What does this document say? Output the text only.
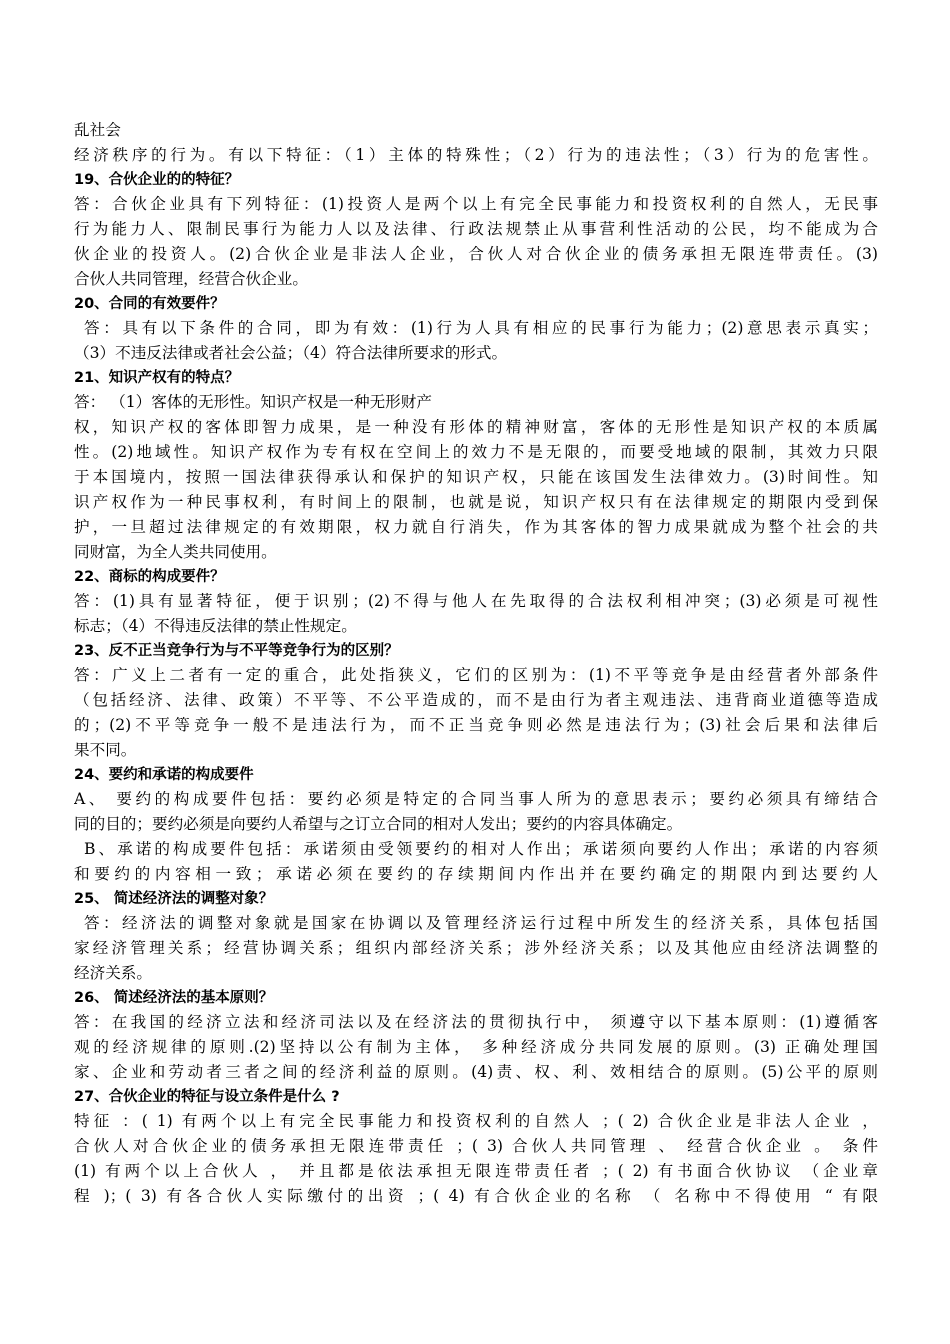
乱社会
经济秩序的行为。有以下特征：（1）主体的特殊性；（2）行为的违法性；（3）行为的危害性。
19、合伙企业的的特征？
答：合伙企业具有下列特征：(1)投资人是两个以上有完全民事能力和投资权利的自然人，无民事
行为能力人、限制民事行为能力人以及法律、行政法规禁止从事营利性活动的公民，均不能成为合
伙企业的投资人。(2)合伙企业是非法人企业，合伙人对合伙企业的债务承担无限连带责任。(3)
合伙人共同管理，经营合伙企业。
20、合同的有效要件？
答：具有以下条件的合同，即为有效：(1)行为人具有相应的民事行为能力；(2)意思表示真实；
（3）不违反法律或者社会公益；（4）符合法律所要求的形式。
21、知识产权有的特点？
答： （1）客体的无形性。知识产权是一种无形财产
权，知识产权的客体即智力成果，是一种没有形体的精神财富，客体的无形性是知识产权的本质属
性。(2)地域性。知识产权作为专有权在空间上的效力不是无限的，而要受地域的限制，其效力只限
于本国境内，按照一国法律获得承认和保护的知识产权，只能在该国发生法律效力。(3)时间性。知
识产权作为一种民事权利，有时间上的限制，也就是说，知识产权只有在法律规定的期限内受到保
护，一旦超过法律规定的有效期限，权力就自行消失，作为其客体的智力成果就成为整个社会的共
同财富，为全人类共同使用。
22、商标的构成要件？
答：(1)具有显著特征，便于识别；(2)不得与他人在先取得的合法权利相冲突；(3)必须是可视性
标志；（4）不得违反法律的禁止性规定。
23、反不正当竞争行为与不平等竞争行为的区别？
答：广义上二者有一定的重合，此处指狭义，它们的区别为：(1)不平等竞争是由经营者外部条件
（包括经济、法律、政策）不平等、不公平造成的，而不是由行为者主观违法、违背商业道德等造成
的；(2)不平等竞争一般不是违法行为，而不正当竞争则必然是违法行为；(3)社会后果和法律后
果不同。
24、要约和承诺的构成要件
A、 要约的构成要件包括：要约必须是特定的合同当事人所为的意思表示；要约必须具有缔结合
同的目的；要约必须是向要约人希望与之订立合同的相对人发出；要约的内容具体确定。
B、承诺的构成要件包括：承诺须由受领要约的相对人作出；承诺须向要约人作出；承诺的内容须
和要约的内容相一致；承诺必须在要约的存续期间内作出并在要约确定的期限内到达要约人
25、 简述经济法的调整对象？
答：经济法的调整对象就是国家在协调以及管理经济运行过程中所发生的经济关系，具体包括国
家经济管理关系；经营协调关系；组织内部经济关系；涉外经济关系；以及其他应由经济法调整的
经济关系。
26、 简述经济法的基本原则？
答：在我国的经济立法和经济司法以及在经济法的贯彻执行中， 须遵守以下基本原则：(1)遵循客
观的经济规律的原则.(2)坚持以公有制为主体， 多种经济成分共同发展的原则。(3) 正确处理国
家、企业和劳动者三者之间的经济利益的原则。(4)责、权、利、效相结合的原则。(5)公平的原则
27、合伙企业的特征与设立条件是什么 ?
特征 ：( 1) 有两个以上有完全民事能力和投资权利的自然人 ；( 2) 合伙企业是非法人企业 ，
合伙人对合伙企业的债务承担无限连带责任 ；( 3) 合伙人共同管理 、 经营合伙企业 。 条件
(1) 有两个以上合伙人 ， 并且都是依法承担无限连带责任者 ；( 2) 有书面合伙协议 （企业章
程 )；( 3) 有各合伙人实际缴付的出资 ；( 4) 有合伙企业的名称 （ 名称中不得使用 “ 有限
